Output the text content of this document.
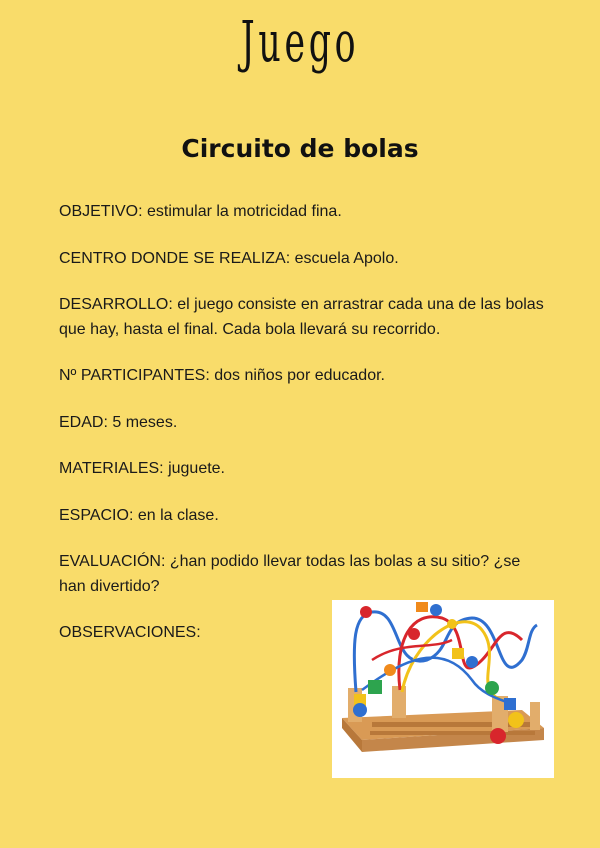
Juego
Circuito de bolas

OBJETIVO: estimular la motricidad fina.

CENTRO DONDE SE REALIZA: escuela Apolo.

DESARROLLO: el juego consiste en arrastrar cada una de las bolas que hay, hasta el final. Cada bola llevará su recorrido.

Nº PARTICIPANTES: dos niños por educador.

EDAD: 5 meses.

MATERIALES: juguete.

ESPACIO: en la clase.

EVALUACIÓN: ¿han podido llevar todas las bolas a su sitio? ¿se han divertido?

OBSERVACIONES:
